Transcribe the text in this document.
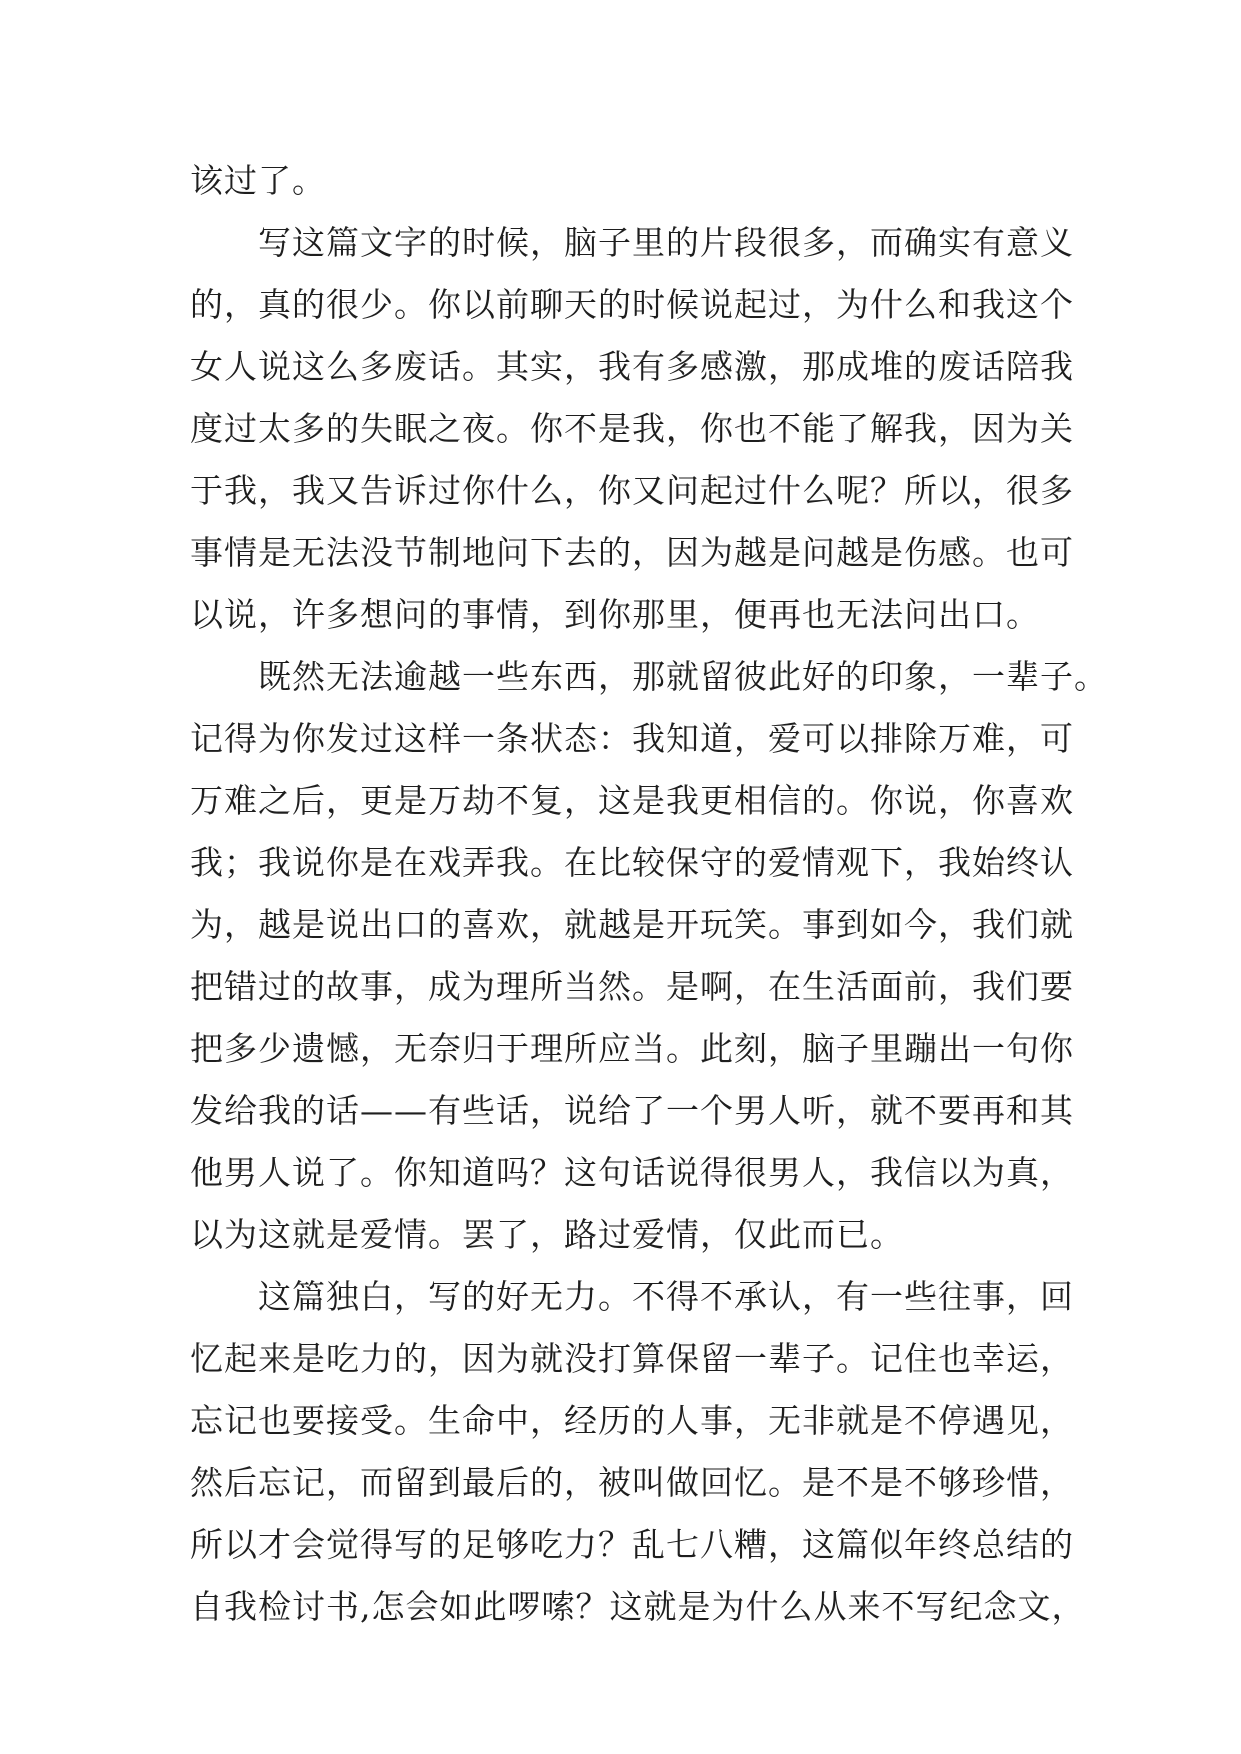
该过了。
写这篇文字的时候，脑子里的片段很多，而确实有意义
的，真的很少。你以前聊天的时候说起过，为什么和我这个
女人说这么多废话。其实，我有多感激，那成堆的废话陪我
度过太多的失眠之夜。你不是我，你也不能了解我，因为关
于我，我又告诉过你什么，你又问起过什么呢？所以，很多
事情是无法没节制地问下去的，因为越是问越是伤感。也可
以说，许多想问的事情，到你那里，便再也无法问出口。
既然无法逾越一些东西，那就留彼此好的印象，一辈子。
记得为你发过这样一条状态：我知道，爱可以排除万难，可
万难之后，更是万劫不复，这是我更相信的。你说，你喜欢
我；我说你是在戏弄我。在比较保守的爱情观下，我始终认
为，越是说出口的喜欢，就越是开玩笑。事到如今，我们就
把错过的故事，成为理所当然。是啊，在生活面前，我们要
把多少遗憾，无奈归于理所应当。此刻，脑子里蹦出一句你
发给我的话——有些话，说给了一个男人听，就不要再和其
他男人说了。你知道吗？这句话说得很男人，我信以为真，
以为这就是爱情。罢了，路过爱情，仅此而已。
这篇独白，写的好无力。不得不承认，有一些往事，回
忆起来是吃力的，因为就没打算保留一辈子。记住也幸运，
忘记也要接受。生命中，经历的人事，无非就是不停遇见，
然后忘记，而留到最后的，被叫做回忆。是不是不够珍惜，
所以才会觉得写的足够吃力？乱七八糟，这篇似年终总结的
自我检讨书,怎会如此啰嗦？这就是为什么从来不写纪念文，
